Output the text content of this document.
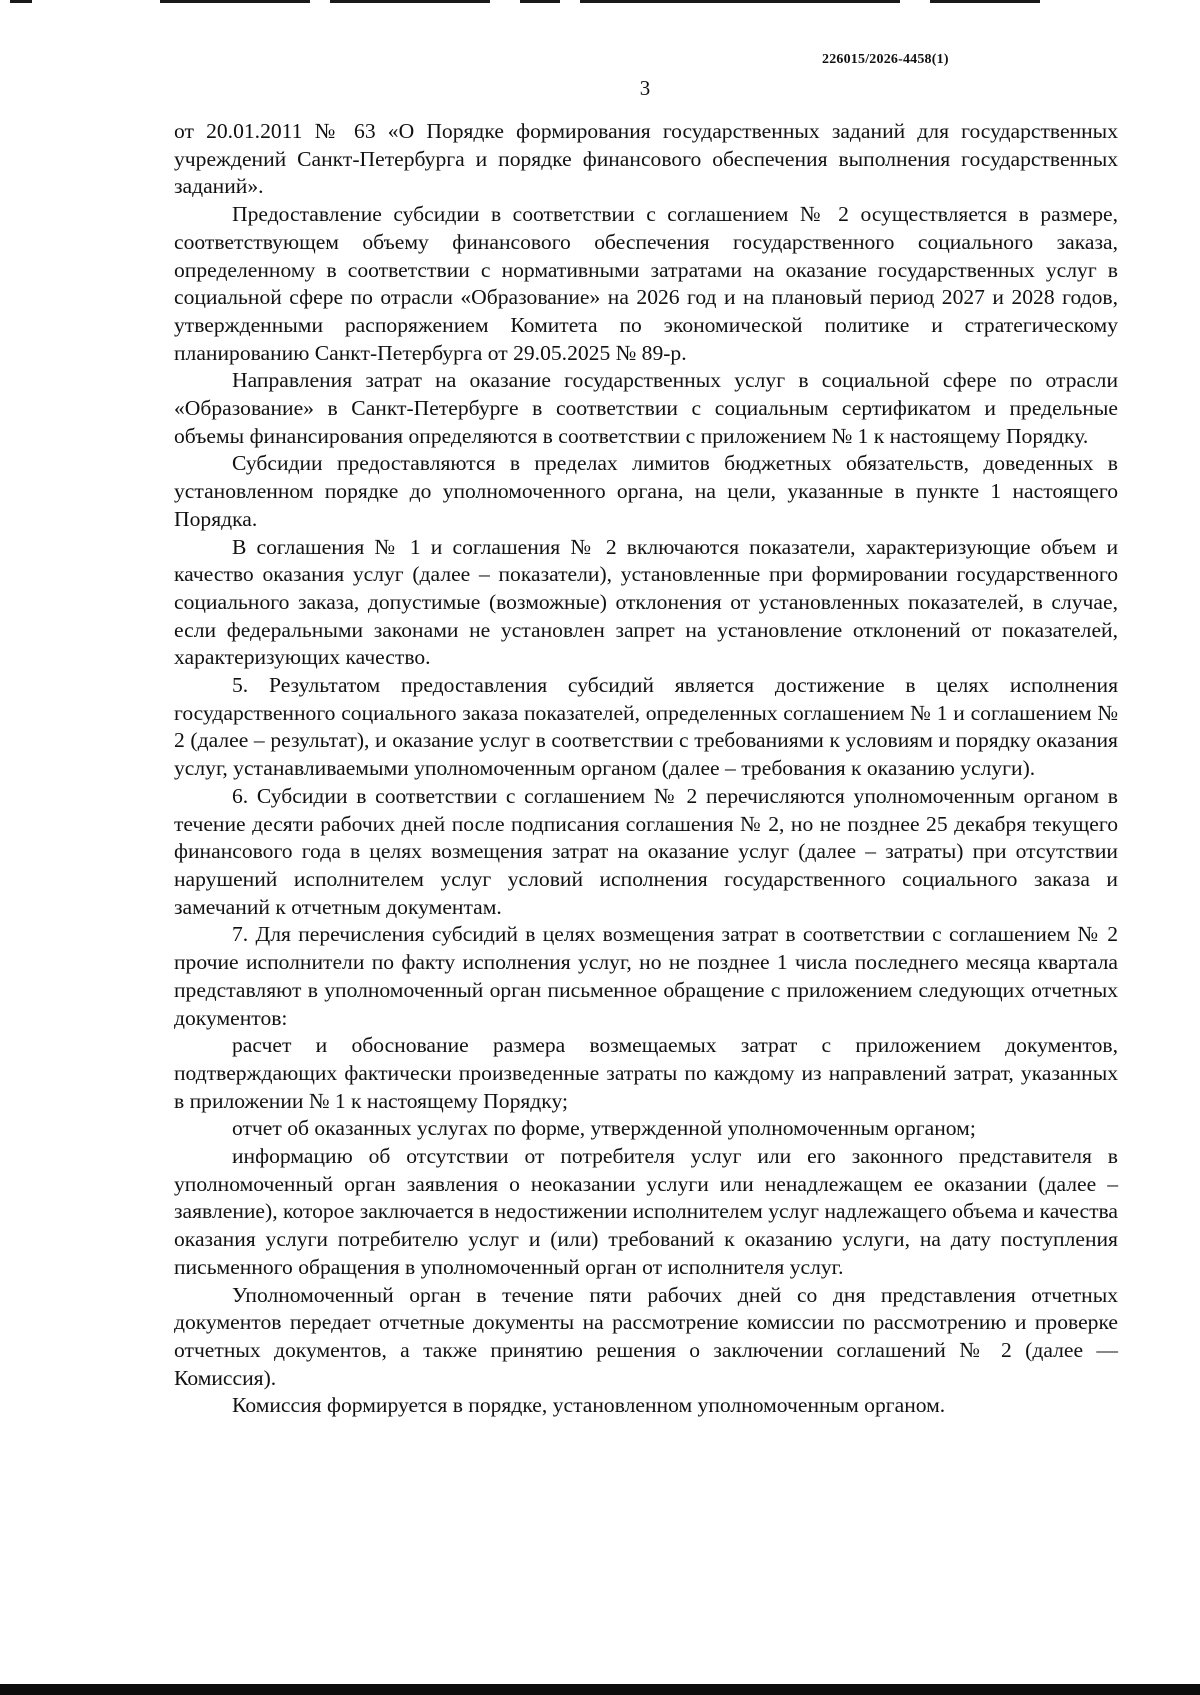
226015/2026-4458(1)
3

от 20.01.2011 № 63 «О Порядке формирования государственных заданий для государственных учреждений Санкт-Петербурга и порядке финансового обеспечения выполнения государственных заданий».

Предоставление субсидии в соответствии с соглашением № 2 осуществляется в размере, соответствующем объему финансового обеспечения государственного социального заказа, определенному в соответствии с нормативными затратами на оказание государственных услуг в социальной сфере по отрасли «Образование» на 2026 год и на плановый период 2027 и 2028 годов, утвержденными распоряжением Комитета по экономической политике и стратегическому планированию Санкт-Петербурга от 29.05.2025 № 89-р.

Направления затрат на оказание государственных услуг в социальной сфере по отрасли «Образование» в Санкт-Петербурге в соответствии с социальным сертификатом и предельные объемы финансирования определяются в соответствии с приложением № 1 к настоящему Порядку.

Субсидии предоставляются в пределах лимитов бюджетных обязательств, доведенных в установленном порядке до уполномоченного органа, на цели, указанные в пункте 1 настоящего Порядка.

В соглашения № 1 и соглашения № 2 включаются показатели, характеризующие объем и качество оказания услуг (далее – показатели), установленные при формировании государственного социального заказа, допустимые (возможные) отклонения от установленных показателей, в случае, если федеральными законами не установлен запрет на установление отклонений от показателей, характеризующих качество.

5. Результатом предоставления субсидий является достижение в целях исполнения государственного социального заказа показателей, определенных соглашением № 1 и соглашением № 2 (далее – результат), и оказание услуг в соответствии с требованиями к условиям и порядку оказания услуг, устанавливаемыми уполномоченным органом (далее – требования к оказанию услуги).

6. Субсидии в соответствии с соглашением № 2 перечисляются уполномоченным органом в течение десяти рабочих дней после подписания соглашения № 2, но не позднее 25 декабря текущего финансового года в целях возмещения затрат на оказание услуг (далее – затраты) при отсутствии нарушений исполнителем услуг условий исполнения государственного социального заказа и замечаний к отчетным документам.

7. Для перечисления субсидий в целях возмещения затрат в соответствии с соглашением № 2 прочие исполнители по факту исполнения услуг, но не позднее 1 числа последнего месяца квартала представляют в уполномоченный орган письменное обращение с приложением следующих отчетных документов:

расчет и обоснование размера возмещаемых затрат с приложением документов, подтверждающих фактически произведенные затраты по каждому из направлений затрат, указанных в приложении № 1 к настоящему Порядку;

отчет об оказанных услугах по форме, утвержденной уполномоченным органом;

информацию об отсутствии от потребителя услуг или его законного представителя в уполномоченный орган заявления о неоказании услуги или ненадлежащем ее оказании (далее – заявление), которое заключается в недостижении исполнителем услуг надлежащего объема и качества оказания услуги потребителю услуг и (или) требований к оказанию услуги, на дату поступления письменного обращения в уполномоченный орган от исполнителя услуг.

Уполномоченный орган в течение пяти рабочих дней со дня представления отчетных документов передает отчетные документы на рассмотрение комиссии по рассмотрению и проверке отчетных документов, а также принятию решения о заключении соглашений № 2 (далее — Комиссия).

Комиссия формируется в порядке, установленном уполномоченным органом.
